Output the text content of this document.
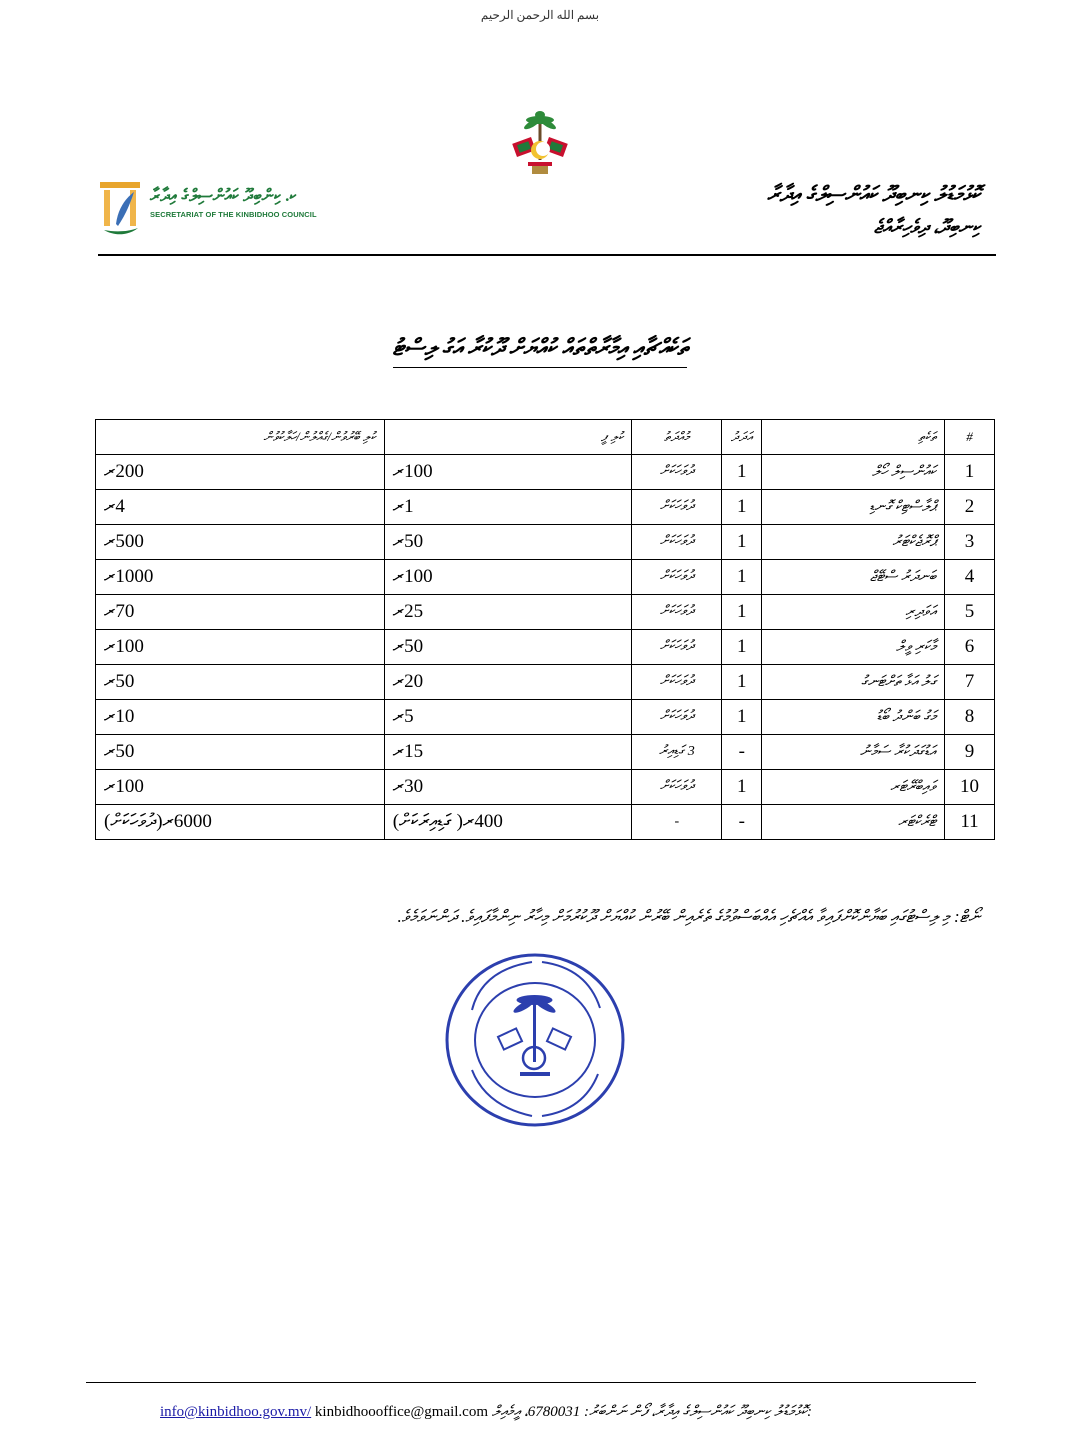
بسم الله الرحمن الرحيم
ކ. ކިންބިދޫ ކައުންސިލްގެ އިދާރާ
SECRETARIAT OF THE KINBIDHOO COUNCIL
ކޮޅުމަޑުލު ކިނބިދޫ ކައުންސިލްގެ އިދާރާ
ކިނބިދޫ، ދިވެހިރާއްޖެ
ތަކެއްޗާއި އިމާރާތްތައް ކުއްޔަށް ދޫކުރާ އަގު ލިސްޓު
#	ތަކެތި	އަދަދު	މުއްދަތު	ކުލި ފީ	ކުލި ބޭރުވުން/ގެއްލުން/ހަލާކުވުން
1	ކައުންސިލް ހޯލް	1	ދުވަހަކަށް	100ރ	200ރ
2	ޕްލާސްޓިކް ގޮނޑި	1	ދުވަހަކަށް	1ރ	4ރ
3	ޕްރޮޖެކްޓަރު	1	ދުވަހަކަށް	50ރ	500ރ
4	ބަނދަރު ސްޓޭޖް	1	ދުވަހަކަށް	100ރ	1000ރ
5	އަވަދިރި	1	ދުވަހަކަށް	25ރ	70ރ
6	މާކަރި ވީލް	1	ދުވަހަކަށް	50ރ	100ރ
7	ގަލު އަޅާ ތަށްޓަނގު	1	ދުވަހަކަށް	20ރ	50ރ
8	މަގު ބަންދު ބޯޑު	1	ދުވަހަކަށް	5ރ	10ރ
9	އަޑުގަދަކުރާ ސަމާނު	-	3 ގަޑިއިރު	15ރ	50ރ
10	ވައިބްރޭޓަރ	1	ދުވަހަކަށް	30ރ	100ރ
11	ޓްރެކްޓަރ	-	-	400ރ( ގަޑިއިރަކަށް)	6000ރ(ދުވަހަކަށް)
ނޯޓް: މި ލިސްޓުގައި ބަޔާންކޮށްފައިވާ އެއްޗެހި އެއްބަސްވުމުގެ ތެރެއިން ބޭރުން ކުއްޔަށް ދޫކުރުމަށް މިހާރު ނިންމާފައިވެ. ދަންނަވަމެވެ.
info@kinbidhoo.gov.mv/ kinbidhoooffice@gmail.com ކޮޅުމަޑުލު ކިނބިދޫ ކައުންސިލްގެ އިދާރާ، ފޯން ނަންބަރު: 6780031، އީމެއިލް:
